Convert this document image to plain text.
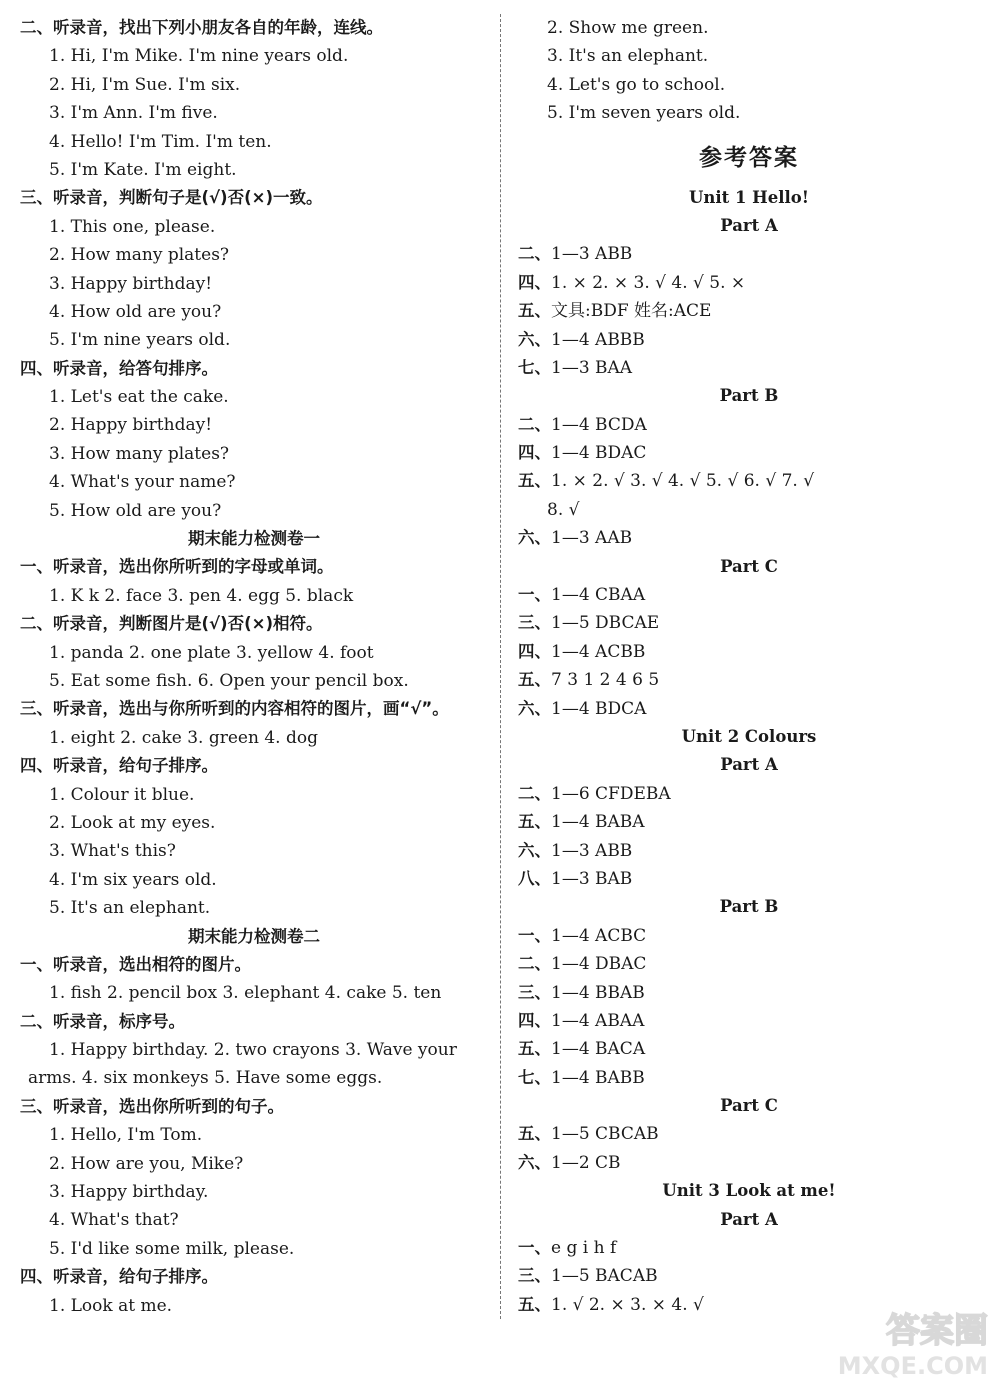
二、听录音，找出下列小朋友各自的年龄，连线。
1. Hi, I'm Mike. I'm nine years old.
2. Hi, I'm Sue. I'm six.
3. I'm Ann. I'm five.
4. Hello! I'm Tim. I'm ten.
5. I'm Kate. I'm eight.
三、听录音，判断句子是(√)否(×)一致。
1. This one, please.
2. How many plates?
3. Happy birthday!
4. How old are you?
5. I'm nine years old.
四、听录音，给答句排序。
1. Let's eat the cake.
2. Happy birthday!
3. How many plates?
4. What's your name?
5. How old are you?
期末能力检测卷一
一、听录音，选出你所听到的字母或单词。
1. K k 2. face 3. pen 4. egg 5. black
二、听录音，判断图片是(√)否(×)相符。
1. panda 2. one plate 3. yellow 4. foot
5. Eat some fish. 6. Open your pencil box.
三、听录音，选出与你所听到的内容相符的图片，画“√”。
1. eight 2. cake 3. green 4. dog
四、听录音，给句子排序。
1. Colour it blue.
2. Look at my eyes.
3. What's this?
4. I'm six years old.
5. It's an elephant.
期末能力检测卷二
一、听录音，选出相符的图片。
1. fish 2. pencil box 3. elephant 4. cake 5. ten
二、听录音，标序号。
1. Happy birthday. 2. two crayons 3. Wave your
arms. 4. six monkeys 5. Have some eggs.
三、听录音，选出你所听到的句子。
1. Hello, I'm Tom.
2. How are you, Mike?
3. Happy birthday.
4. What's that?
5. I'd like some milk, please.
四、听录音，给句子排序。
1. Look at me.
2. Show me green.
3. It's an elephant.
4. Let's go to school.
5. I'm seven years old.
参考答案
Unit 1 Hello!
Part A
二、1—3 ABB
四、1. × 2. × 3. √ 4. √ 5. ×
五、文具:BDF 姓名:ACE
六、1—4 ABBB
七、1—3 BAA
Part B
二、1—4 BCDA
四、1—4 BDAC
五、1. × 2. √ 3. √ 4. √ 5. √ 6. √ 7. √
8. √
六、1—3 AAB
Part C
一、1—4 CBAA
三、1—5 DBCAE
四、1—4 ACBB
五、7 3 1 2 4 6 5
六、1—4 BDCA
Unit 2 Colours
Part A
二、1—6 CFDEBA
五、1—4 BABA
六、1—3 ABB
八、1—3 BAB
Part B
一、1—4 ACBC
二、1—4 DBAC
三、1—4 BBAB
四、1—4 ABAA
五、1—4 BACA
七、1—4 BABB
Part C
五、1—5 CBCAB
六、1—2 CB
Unit 3 Look at me!
Part A
一、e g i h f
三、1—5 BACAB
五、1. √ 2. × 3. × 4. √
答案圈
MXQE.COM
